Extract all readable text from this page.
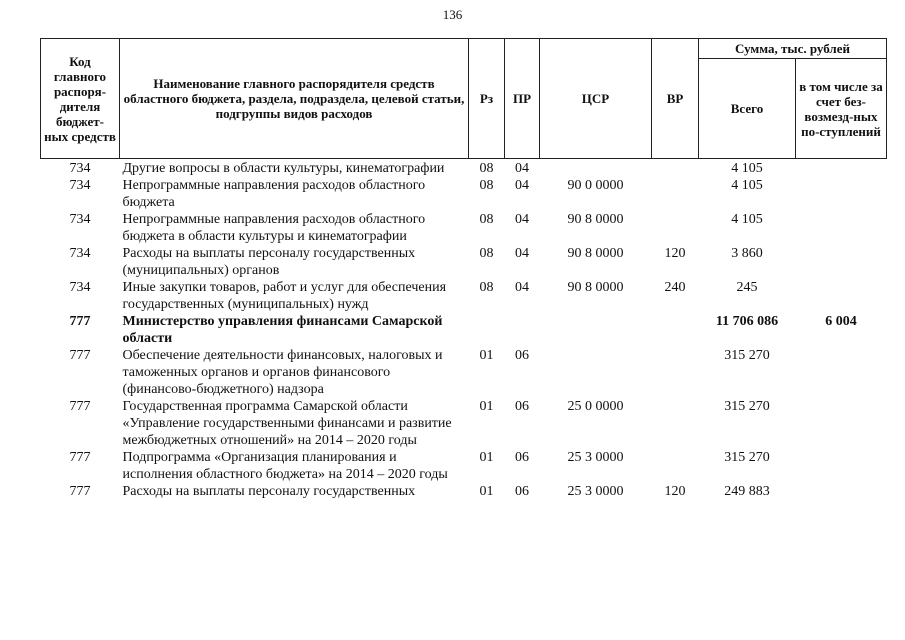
136
Код главного распоря-дителя бюджет-ных средств	Наименование главного распорядителя средств областного бюджета, раздела, подраздела, целевой статьи, подгруппы видов расходов	Рз	ПР	ЦСР	ВР	Сумма, тыс. рублей	
						Всего	в том числе за счет без-возмезд-ных по-ступлений
734	Другие вопросы в области культуры, кинематографии	08	04			4 105	
734	Непрограммные направления расходов областного бюджета	08	04	90 0 0000		4 105	
734	Непрограммные направления расходов областного бюджета в области культуры и кинематографии	08	04	90 8 0000		4 105	
734	Расходы на выплаты персоналу государственных (муниципальных) органов	08	04	90 8 0000	120	3 860	
734	Иные закупки товаров, работ и услуг для обеспечения государственных (муниципальных) нужд	08	04	90 8 0000	240	245	
777	Министерство управления финансами Самарской области					11 706 086	6 004
777	Обеспечение деятельности финансовых, налоговых и таможенных органов и органов финансового (финансово-бюджетного) надзора	01	06			315 270	
777	Государственная программа Самарской области «Управление государственными финансами и развитие межбюджетных отношений» на 2014 – 2020 годы	01	06	25 0 0000		315 270	
777	Подпрограмма «Организация планирования и исполнения областного бюджета» на 2014 – 2020 годы	01	06	25 3 0000		315 270	
777	Расходы на выплаты персоналу государственных	01	06	25 3 0000	120	249 883	
